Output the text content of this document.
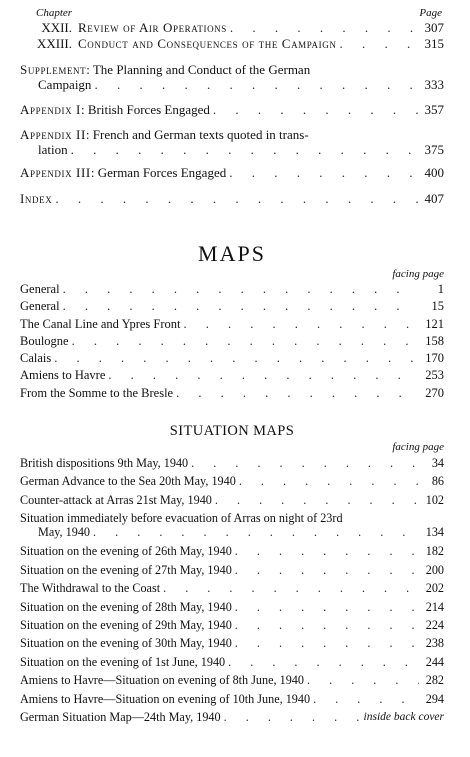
Chapter	Page
XXII. Review of Air Operations . . .	307
XXIII. Conduct and Consequences of the Campaign . . .	315
Supplement: The Planning and Conduct of the German
Campaign . . .	333
Appendix I: British Forces Engaged . . .	357
Appendix II: French and German texts quoted in trans-
lation . . .	375
Appendix III: German Forces Engaged . . .	400
Index . . .	407
MAPS
facing page
General . . .	1
General . . .	15
The Canal Line and Ypres Front . . .	121
Boulogne . . .	158
Calais . . .	170
Amiens to Havre . . .	253
From the Somme to the Bresle . . .	270
SITUATION MAPS
facing page
British dispositions 9th May, 1940 . . .	34
German Advance to the Sea 20th May, 1940 . . .	86
Counter-attack at Arras 21st May, 1940 . . .	102
Situation immediately before evacuation of Arras on night of 23rd
May, 1940 . . .	134
Situation on the evening of 26th May, 1940 . . .	182
Situation on the evening of 27th May, 1940 . . .	200
The Withdrawal to the Coast . . .	202
Situation on the evening of 28th May, 1940 . . .	214
Situation on the evening of 29th May, 1940 . . .	224
Situation on the evening of 30th May, 1940 . . .	238
Situation on the evening of 1st June, 1940 . . .	244
Amiens to Havre—Situation on evening of 8th June, 1940 . . .	282
Amiens to Havre—Situation on evening of 10th June, 1940 . . .	294
German Situation Map—24th May, 1940 . . .	inside back cover
